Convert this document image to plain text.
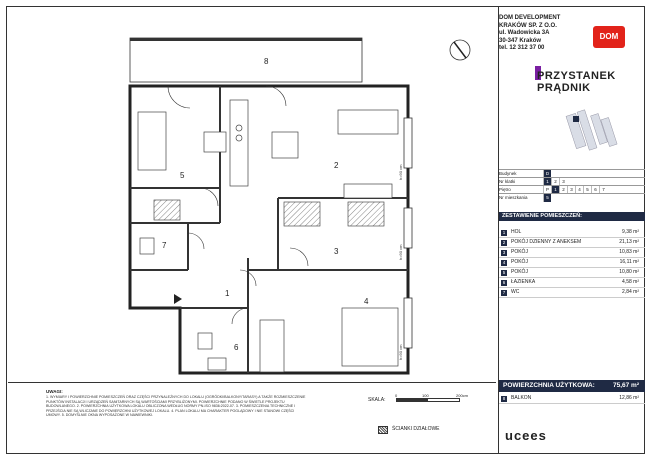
1
2
3
4
5
6
7
8
h=90 cm
h=90 cm
h=90 cm
UWAGI:
1. WYMIARY I POWIERZCHNIE POMIESZCZEŃ ORAZ CZĘŚCI PRZYNALEŻNYCH DO LOKALU (OGRÓDKI/BALKONY/TARASY) A TAKŻE ROZMIESZCZENIE PUNKTÓW INSTALACJI I URZĄDZEŃ SANITARNYCH SĄ WARTOŚCIAMI PRZYBLIŻONYMI. POWIERZCHNIE PODANO W ŚWIETLE PROJEKTU BUDOWLANEGO. 2. POWIERZCHNIA UŻYTKOWA LOKALU OBLICZONA WEDŁUG NORMY PN-ISO 9836:2022-07. 3. POMIESZCZENIA TECHNICZNE I PRZEJŚCIA NIE SĄ WLICZANE DO POWIERZCHNI UŻYTKOWEJ LOKALU. 4. PLAN LOKALU MA CHARAKTER POGLĄDOWY I NIE STANOWI CZĘŚCI UMOWY. 5. DOMYŚLNIE OKNA WYPOSAŻONE W NAWIEWNIKI.
SKALA:
0	100	200cm
ŚCIANKI DZIAŁOWE
DOM DEVELOPMENT
KRAKÓW SP. Z O.O.
ul. Wadowicka 3A
30-347 Kraków
tel. 12 312 37 00
DOM
PRZYSTANEK
PRĄDNIK
Budynek	D
Nr klatki	1	2	3
Piętro	P	1	2	3	4	5	6	7
Nr mieszkania	5
ZESTAWIENIE POMIESZCZEŃ:
1	HOL	9,38 m²
2	POKÓJ DZIENNY Z ANEKSEM	21,13 m²
3	POKÓJ	10,83 m²
4	POKÓJ	16,11 m²
5	POKÓJ	10,80 m²
6	ŁAZIENKA	4,58 m²
7	WC	2,84 m²
POWIERZCHNIA UŻYTKOWA:	75,67 m²
8	BALKON	12,86 m²
ucees
